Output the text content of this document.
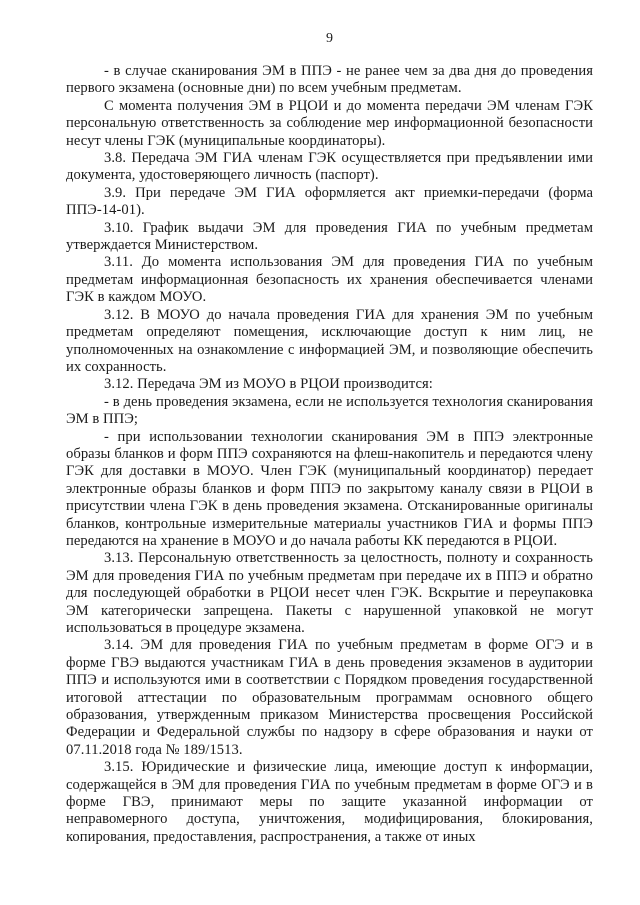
9

- в случае сканирования ЭМ в ППЭ - не ранее чем за два дня до проведения первого экзамена (основные дни) по всем учебным предметам.

С момента получения ЭМ в РЦОИ и до момента передачи ЭМ членам ГЭК персональную ответственность за соблюдение мер информационной безопасности несут члены ГЭК (муниципальные координаторы).

3.8. Передача ЭМ ГИА членам ГЭК осуществляется при предъявлении ими документа, удостоверяющего личность (паспорт).

3.9. При передаче ЭМ ГИА оформляется акт приемки-передачи (форма ППЭ-14-01).

3.10. График выдачи ЭМ для проведения ГИА по учебным предметам утверждается Министерством.

3.11. До момента использования ЭМ для проведения ГИА по учебным предметам информационная безопасность их хранения обеспечивается членами ГЭК в каждом МОУО.

3.12. В МОУО до начала проведения ГИА для хранения ЭМ по учебным предметам определяют помещения, исключающие доступ к ним лиц, не уполномоченных на ознакомление с информацией ЭМ, и позволяющие обеспечить их сохранность.

3.12. Передача ЭМ из МОУО в РЦОИ производится:

- в день проведения экзамена, если не используется технология сканирования ЭМ в ППЭ;

- при использовании технологии сканирования ЭМ в ППЭ электронные образы бланков и форм ППЭ сохраняются на флеш-накопитель и передаются члену ГЭК для доставки в МОУО. Член ГЭК (муниципальный координатор) передает электронные образы бланков и форм ППЭ по закрытому каналу связи в РЦОИ в присутствии члена ГЭК в день проведения экзамена. Отсканированные оригиналы бланков, контрольные измерительные материалы участников ГИА и формы ППЭ передаются на хранение в МОУО и до начала работы КК передаются в РЦОИ.

3.13. Персональную ответственность за целостность, полноту и сохранность ЭМ для проведения ГИА по учебным предметам при передаче их в ППЭ и обратно для последующей обработки в РЦОИ несет член ГЭК. Вскрытие и переупаковка ЭМ категорически запрещена. Пакеты с нарушенной упаковкой не могут использоваться в процедуре экзамена.

3.14. ЭМ для проведения ГИА по учебным предметам в форме ОГЭ и в форме ГВЭ выдаются участникам ГИА в день проведения экзаменов в аудитории ППЭ и используются ими в соответствии с Порядком проведения государственной итоговой аттестации по образовательным программам основного общего образования, утвержденным приказом Министерства просвещения Российской Федерации и Федеральной службы по надзору в сфере образования и науки от 07.11.2018 года № 189/1513.

3.15. Юридические и физические лица, имеющие доступ к информации, содержащейся в ЭМ для проведения ГИА по учебным предметам в форме ОГЭ и в форме ГВЭ, принимают меры по защите указанной информации от неправомерного доступа, уничтожения, модифицирования, блокирования, копирования, предоставления, распространения, а также от иных
